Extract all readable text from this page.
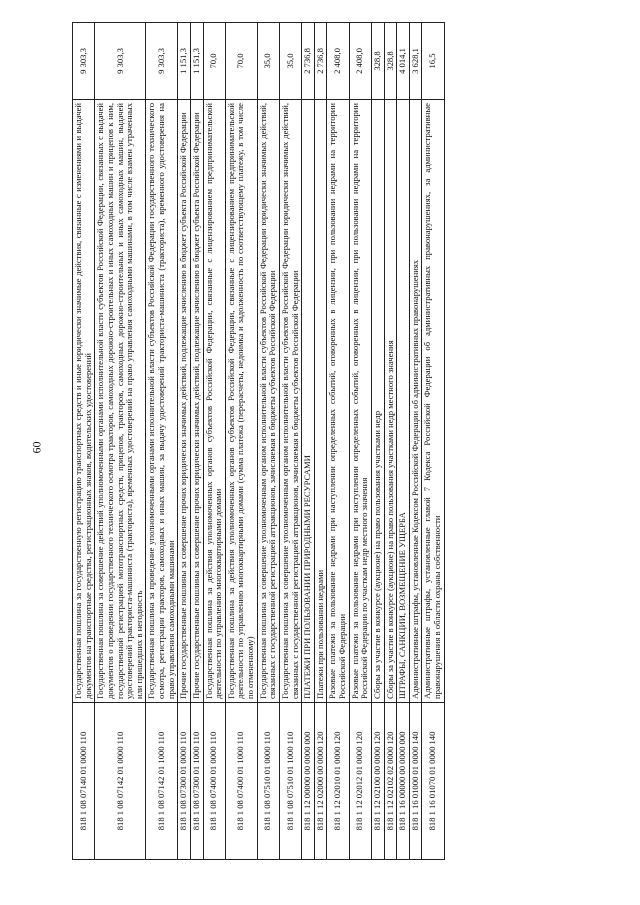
60
818 1 08 07140 01 0000 110	Государственная пошлина за государственную регистрацию транспортных средств и иные юридически значимые действия, связанные с изменениями и выдачей документов на транспортные средства, регистрационных знаков, водительских удостоверений	9 303,3
818 1 08 07142 01 0000 110	Государственная пошлина за совершение действий уполномоченными органами исполнительной власти субъектов Российской Федерации, связанных с выдачей документов о проведении государственного технического осмотра тракторов, самоходных дорожно-строительных и иных самоходных машин и прицепов к ним, государственной регистрацией мототранспортных средств, прицепов, тракторов, самоходных дорожно-строительных и иных самоходных машин, выдачей удостоверений тракториста-машиниста (тракториста), временных удостоверений на право управления самоходными машинами, в том числе взамен утраченных или пришедших в негодность	9 303,3
818 1 08 07142 01 1000 110	Государственная пошлина за проведение уполномоченными органами исполнительной власти субъектов Российской Федерации государственного технического осмотра, регистрации тракторов, самоходных и иных машин, за выдачу удостоверений тракториста-машиниста (тракториста), временного удостоверения на право управления самоходными машинами	9 303,3
818 1 08 07300 01 0000 110	Прочие государственные пошлины за совершение прочих юридически значимых действий, подлежащие зачислению в бюджет субъекта Российской Федерации	1 151,3
818 1 08 07300 01 1000 110	Прочие государственные пошлины за совершение прочих юридически значимых действий, подлежащие зачислению в бюджет субъекта Российской Федерации	1 151,3
818 1 08 07400 01 0000 110	Государственная пошлина за действия уполномоченных органов субъектов Российской Федерации, связанные с лицензированием предпринимательской деятельности по управлению многоквартирными домами	70,0
818 1 08 07400 01 1000 110	Государственная пошлина за действия уполномоченных органов субъектов Российской Федерации, связанные с лицензированием предпринимательской деятельности по управлению многоквартирными домами (сумма платежа (перерасчеты, недоимка и задолженность по соответствующему платежу, в том числе по отмененному)	70,0
818 1 08 07510 01 0000 110	Государственная пошлина за совершение уполномоченным органом исполнительной власти субъектов Российской Федерации юридически значимых действий, связанных с государственной регистрацией аттракционов, зачисляемая в бюджеты субъектов Российской Федерации	35,0
818 1 08 07510 01 1000 110	Государственная пошлина за совершение уполномоченным органом исполнительной власти субъектов Российской Федерации юридически значимых действий, связанных с государственной регистрацией аттракционов, зачисляемая в бюджеты субъектов Российской Федерации	35,0
818 1 12 00000 00 0000 000	ПЛАТЕЖИ ПРИ ПОЛЬЗОВАНИИ ПРИРОДНЫМИ РЕСУРСАМИ	2 736,8
818 1 12 02000 00 0000 120	Платежи при пользовании недрами	2 736,8
818 1 12 02010 01 0000 120	Разовые платежи за пользование недрами при наступлении определенных событий, оговоренных в лицензии, при пользовании недрами на территории Российской Федерации	2 408,0
818 1 12 02012 01 0000 120	Разовые платежи за пользование недрами при наступлении определенных событий, оговоренных в лицензии, при пользовании недрами на территории Российской Федерации по участкам недр местного значения	2 408,0
818 1 12 02100 00 0000 120	Сборы за участие в конкурсе (аукционе) на право пользования участками недр	328,8
818 1 12 02102 02 0000 120	Сборы за участие в конкурсе (аукционе) на право пользования участками недр местного значения	328,8
818 1 16 00000 00 0000 000	ШТРАФЫ, САНКЦИИ, ВОЗМЕЩЕНИЕ УЩЕРБА	4 014,1
818 1 16 01000 01 0000 140	Административные штрафы, установленные Кодексом Российской Федерации об административных правонарушениях	3 628,1
818 1 16 01070 01 0000 140	Административные штрафы, установленные главой 7 Кодекса Российской Федерации об административных правонарушениях, за административные правонарушения в области охраны собственности	16,5
